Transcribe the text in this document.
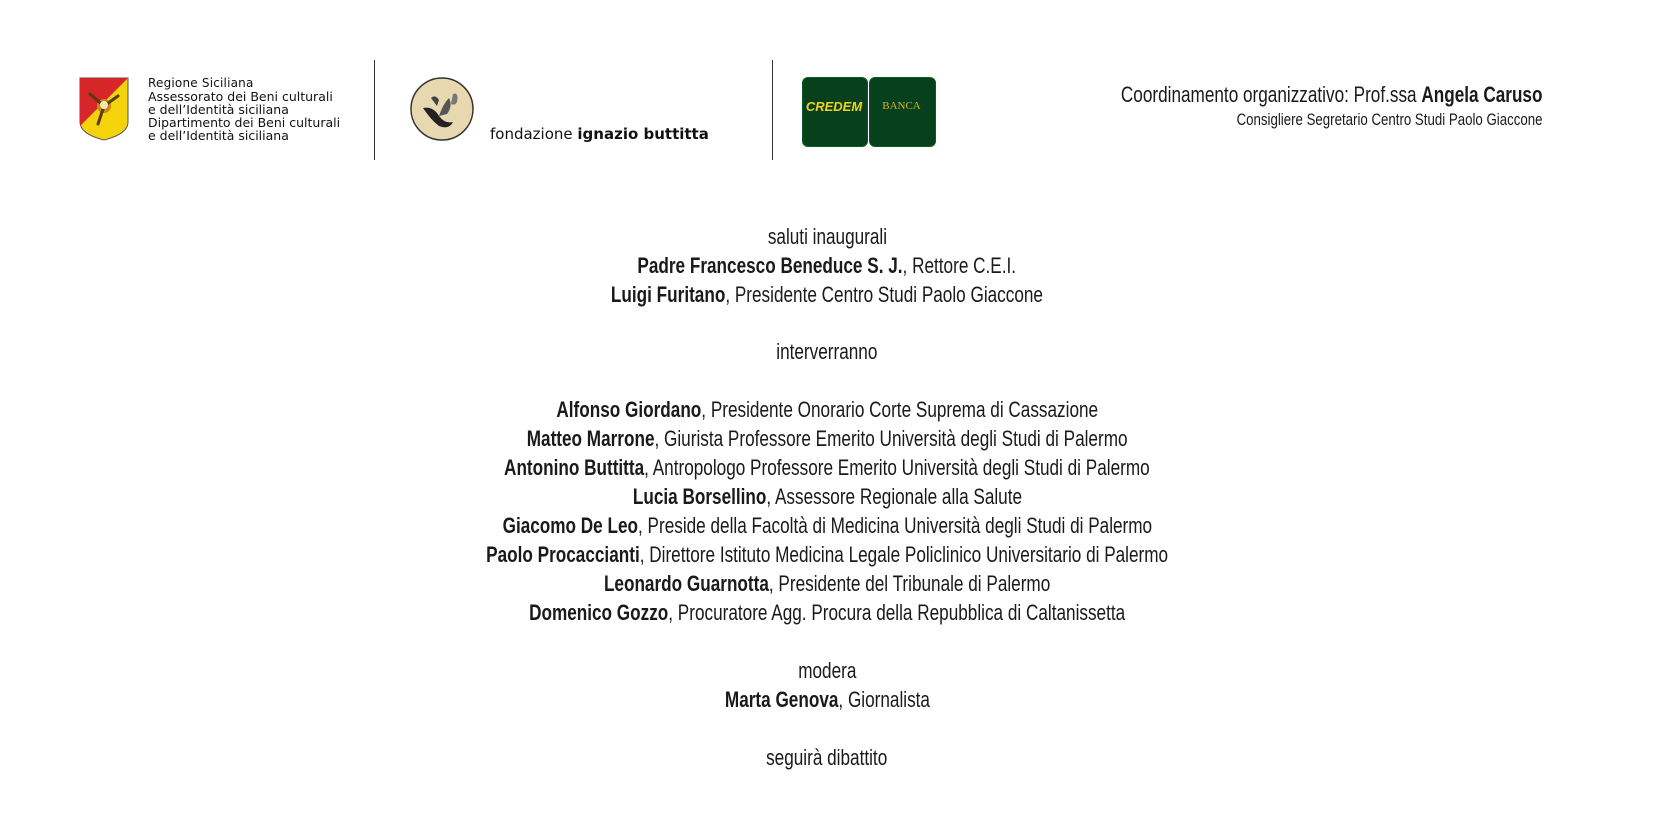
Regione Siciliana
Assessorato dei Beni culturali
e dell’Identità siciliana
Dipartimento dei Beni culturali
e dell’Identità siciliana	fondazione ignazio buttitta
CREDEM	BANCA	Coordinamento organizzativo: Prof.ssa Angela Caruso
Consigliere Segretario Centro Studi Paolo Giaccone
saluti inaugurali
Padre Francesco Beneduce S. J., Rettore C.E.I.
Luigi Furitano, Presidente Centro Studi Paolo Giaccone
interverranno
Alfonso Giordano, Presidente Onorario Corte Suprema di Cassazione
Matteo Marrone, Giurista Professore Emerito Università degli Studi di Palermo
Antonino Buttitta, Antropologo Professore Emerito Università degli Studi di Palermo
Lucia Borsellino, Assessore Regionale alla Salute
Giacomo De Leo, Preside della Facoltà di Medicina Università degli Studi di Palermo
Paolo Procaccianti, Direttore Istituto Medicina Legale Policlinico Universitario di Palermo
Leonardo Guarnotta, Presidente del Tribunale di Palermo
Domenico Gozzo, Procuratore Agg. Procura della Repubblica di Caltanissetta
modera
Marta Genova, Giornalista
seguirà dibattito
